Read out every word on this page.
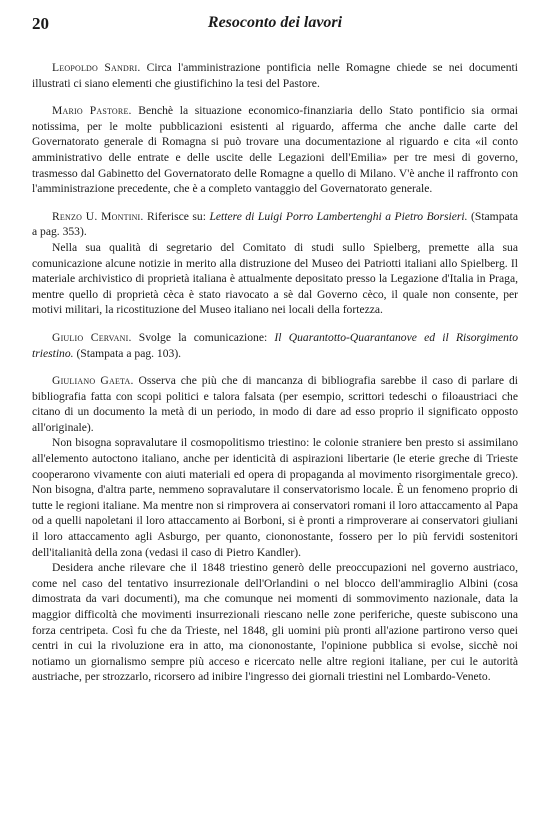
20	Resoconto dei lavori

Leopoldo Sandri. Circa l'amministrazione pontificia nelle Romagne chiede se nei documenti illustrati ci siano elementi che giustifichino la tesi del Pastore.

Mario Pastore. Benchè la situazione economico-finanziaria dello Stato pontificio sia ormai notissima, per le molte pubblicazioni esistenti al riguardo, afferma che anche dalle carte del Governatorato generale di Romagna si può trovare una documentazione al riguardo e cita «il conto amministrativo delle entrate e delle uscite delle Legazioni dell'Emilia» per tre mesi di governo, trasmesso dal Gabinetto del Governatorato delle Romagne a quello di Milano. V'è anche il raffronto con l'amministrazione precedente, che è a completo vantaggio del Governatorato generale.

Renzo U. Montini. Riferisce su: Lettere di Luigi Porro Lambertenghi a Pietro Borsieri. (Stampata a pag. 353).

Nella sua qualità di segretario del Comitato di studi sullo Spielberg, premette alla sua comunicazione alcune notizie in merito alla distruzione del Museo dei Patriotti italiani allo Spielberg. Il materiale archivistico di proprietà italiana è attualmente depositato presso la Legazione d'Italia in Praga, mentre quello di proprietà cèca è stato riavocato a sè dal Governo cèco, il quale non consente, per motivi militari, la ricostituzione del Museo italiano nei locali della fortezza.

Giulio Cervani. Svolge la comunicazione: Il Quarantotto-Quarantanove ed il Risorgimento triestino. (Stampata a pag. 103).

Giuliano Gaeta. Osserva che più che di mancanza di bibliografia sarebbe il caso di parlare di bibliografia fatta con scopi politici e talora falsata (per esempio, scrittori tedeschi o filoaustriaci che citano di un documento la metà di un periodo, in modo di dare ad esso proprio il significato opposto all'originale).

Non bisogna sopravalutare il cosmopolitismo triestino: le colonie straniere ben presto si assimilano all'elemento autoctono italiano, anche per identicità di aspirazioni libertarie (le eterie greche di Trieste cooperarono vivamente con aiuti materiali ed opera di propaganda al movimento risorgimentale greco). Non bisogna, d'altra parte, nemmeno sopravalutare il conservatorismo locale. È un fenomeno proprio di tutte le regioni italiane. Ma mentre non si rimprovera ai conservatori romani il loro attaccamento al Papa od a quelli napoletani il loro attaccamento ai Borboni, si è pronti a rimproverare ai conservatori giuliani il loro attaccamento agli Asburgo, per quanto, ciononostante, fossero per lo più fervidi sostenitori dell'italianità della zona (vedasi il caso di Pietro Kandler).

Desidera anche rilevare che il 1848 triestino generò delle preoccupazioni nel governo austriaco, come nel caso del tentativo insurrezionale dell'Orlandini o nel blocco dell'ammiraglio Albini (cosa dimostrata da vari documenti), ma che comunque nei momenti di sommovimento nazionale, data la maggior difficoltà che movimenti insurrezionali riescano nelle zone periferiche, queste subiscono una forza centripeta. Così fu che da Trieste, nel 1848, gli uomini più pronti all'azione partirono verso quei centri in cui la rivoluzione era in atto, ma ciononostante, l'opinione pubblica si evolse, sicchè noi notiamo un giornalismo sempre più acceso e ricercato nelle altre regioni italiane, per cui le autorità austriache, per strozzarlo, ricorsero ad inibire l'ingresso dei giornali triestini nel Lombardo-Veneto.
